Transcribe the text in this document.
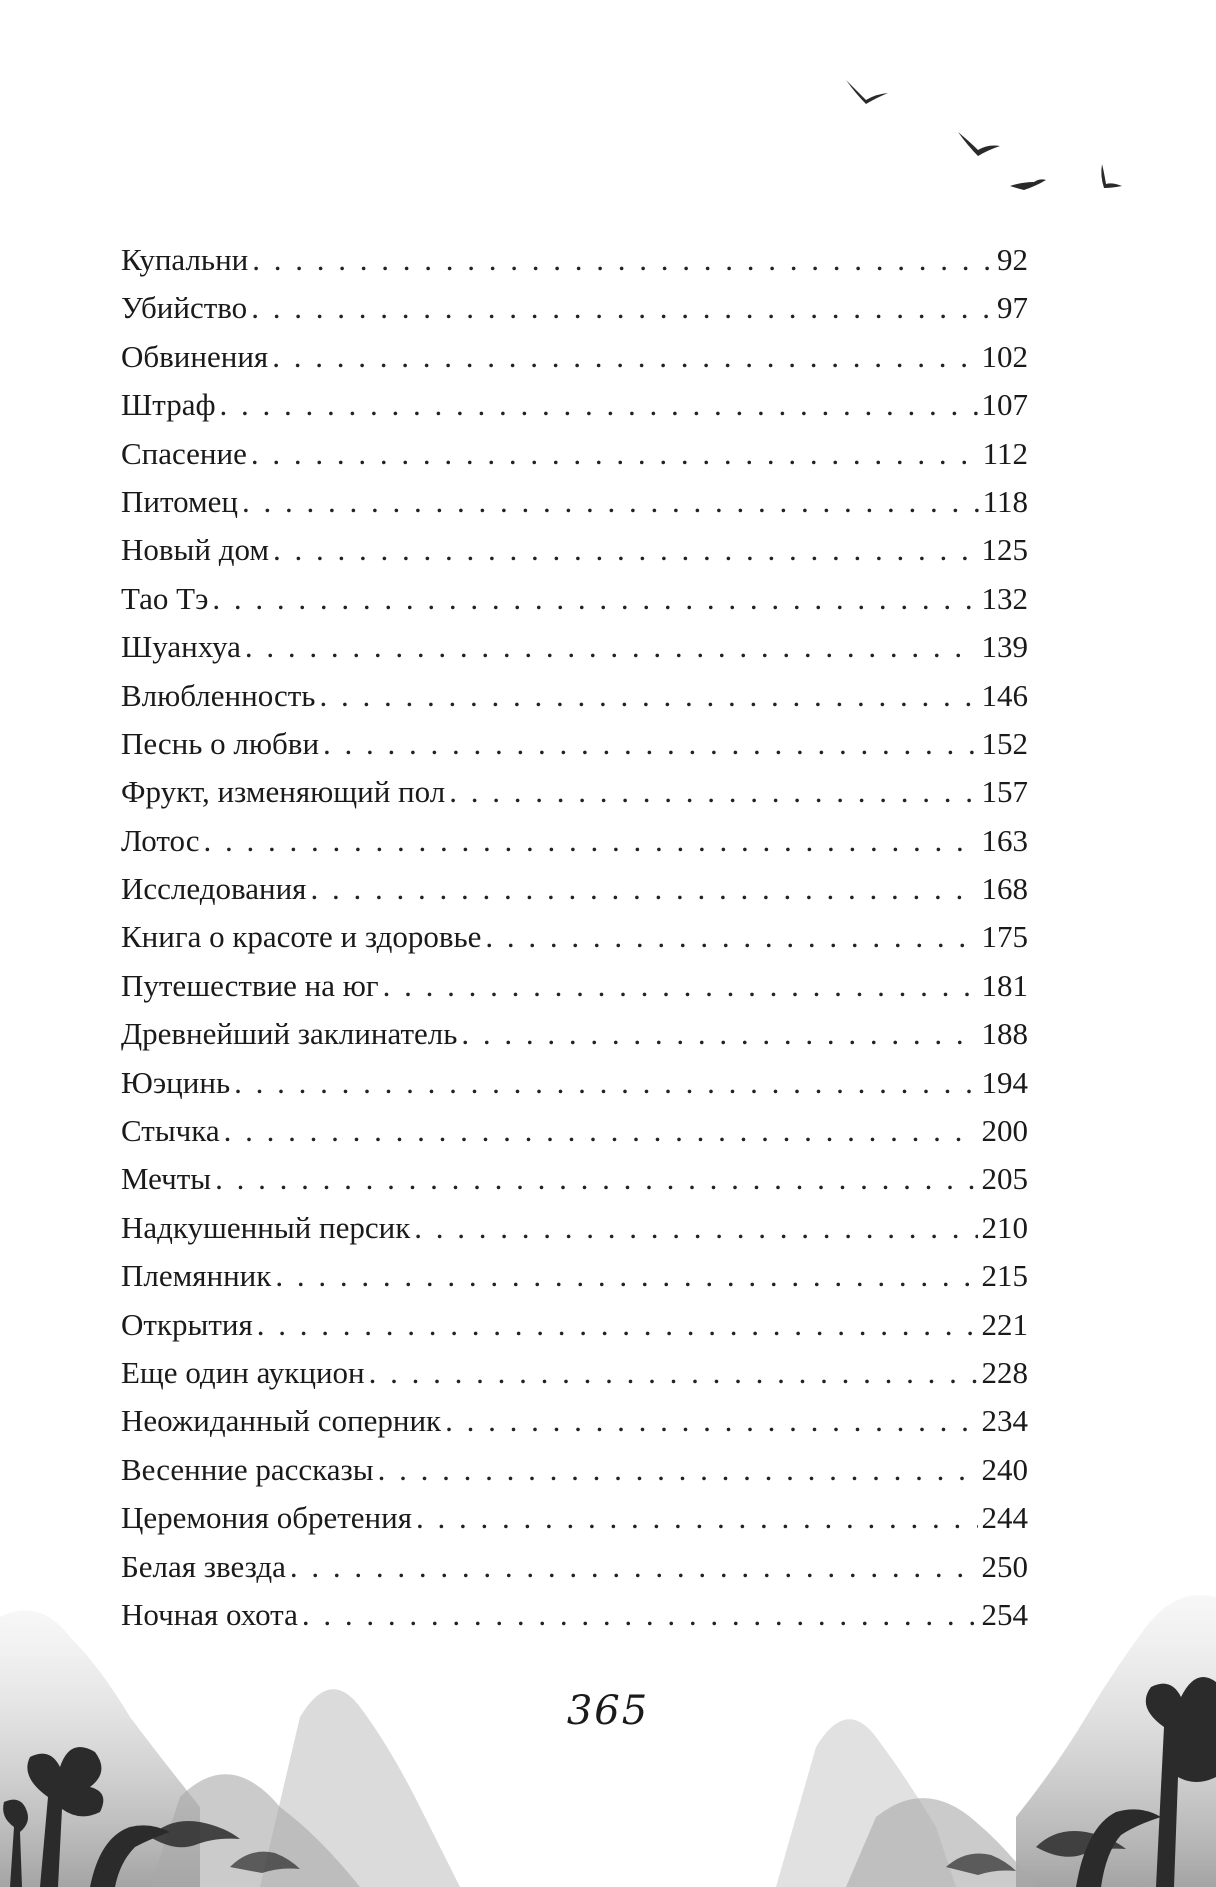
Купальни . . .	92
Убийство . . .	97
Обвинения . . .	102
Штраф . . .	107
Спасение . . .	112
Питомец . . .	118
Новый дом . . .	125
Тао Тэ . . .	132
Шуанхуа . . .	139
Влюбленность . . .	146
Песнь о любви . . .	152
Фрукт, изменяющий пол . . .	157
Лотос . . .	163
Исследования . . .	168
Книга о красоте и здоровье . . .	175
Путешествие на юг . . .	181
Древнейший заклинатель . . .	188
Юэцинь . . .	194
Стычка . . .	200
Мечты . . .	205
Надкушенный персик . . .	210
Племянник . . .	215
Открытия . . .	221
Еще один аукцион . . .	228
Неожиданный соперник . . .	234
Весенние рассказы . . .	240
Церемония обретения . . .	244
Белая звезда . . .	250
Ночная охота . . .	254
365
